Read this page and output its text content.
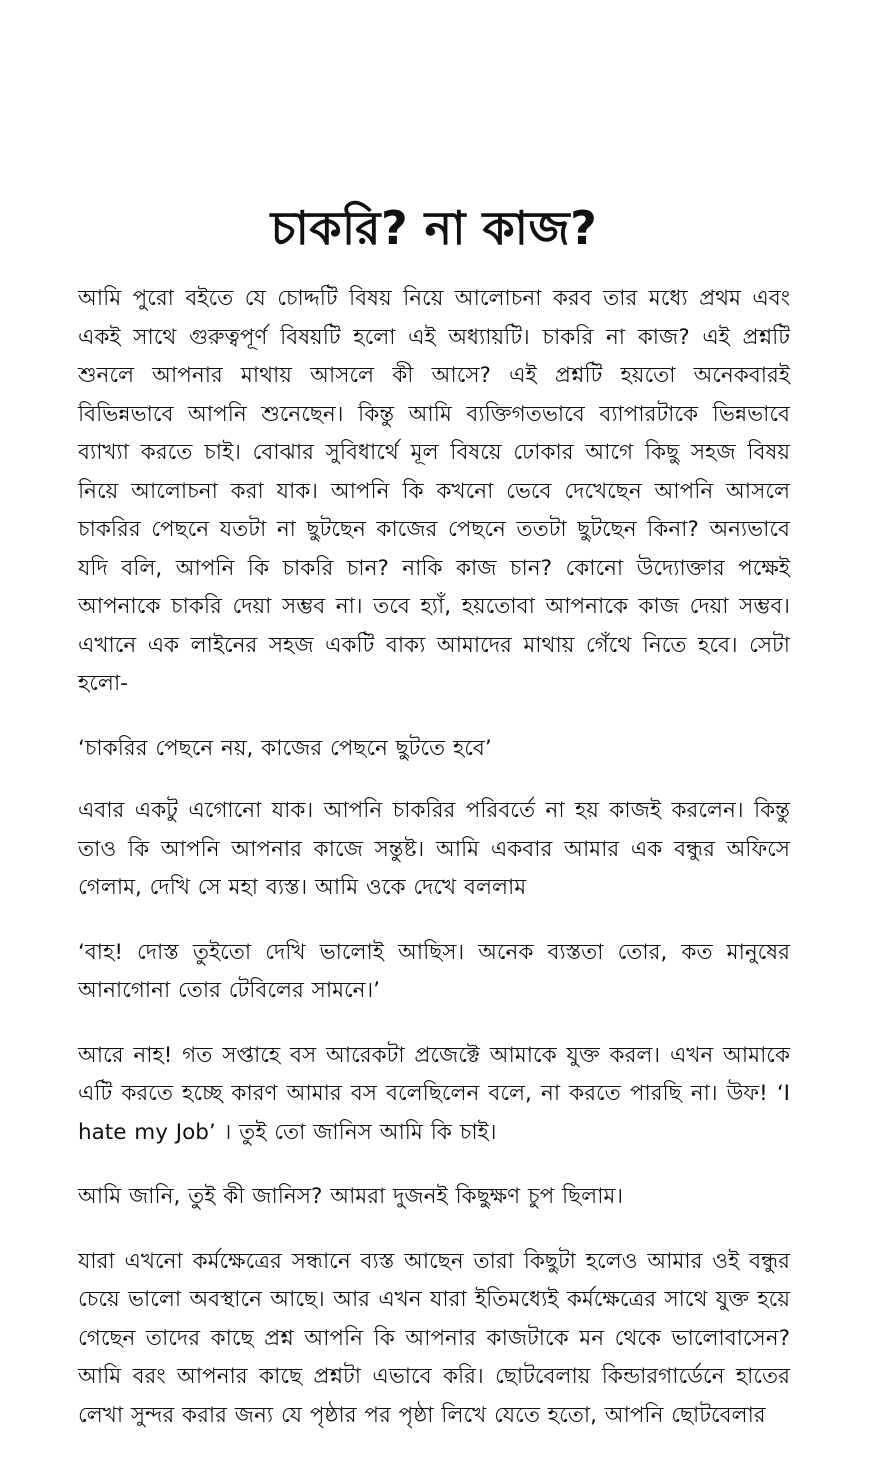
চাকরি? না কাজ?

আমি পুরো বইতে যে চোদ্দটি বিষয় নিয়ে আলোচনা করব তার মধ্যে প্রথম এবং একই সাথে গুরুত্বপূর্ণ বিষয়টি হলো এই অধ্যায়টি। চাকরি না কাজ? এই প্রশ্নটি শুনলে আপনার মাথায় আসলে কী আসে? এই প্রশ্নটি হয়তো অনেকবারই বিভিন্নভাবে আপনি শুনেছেন। কিন্তু আমি ব্যক্তিগতভাবে ব্যাপারটাকে ভিন্নভাবে ব্যাখ্যা করতে চাই। বোঝার সুবিধার্থে মূল বিষয়ে ঢোকার আগে কিছু সহজ বিষয় নিয়ে আলোচনা করা যাক। আপনি কি কখনো ভেবে দেখেছেন আপনি আসলে চাকরির পেছনে যতটা না ছুটছেন কাজের পেছনে ততটা ছুটছেন কিনা? অন্যভাবে যদি বলি, আপনি কি চাকরি চান? নাকি কাজ চান? কোনো উদ্যোক্তার পক্ষেই আপনাকে চাকরি দেয়া সম্ভব না। তবে হ্যাঁ, হয়তোবা আপনাকে কাজ দেয়া সম্ভব। এখানে এক লাইনের সহজ একটি বাক্য আমাদের মাথায় গেঁথে নিতে হবে। সেটা হলো-

‘চাকরির পেছনে নয়, কাজের পেছনে ছুটতে হবে’

এবার একটু এগোনো যাক। আপনি চাকরির পরিবর্তে না হয় কাজই করলেন। কিন্তু তাও কি আপনি আপনার কাজে সন্তুষ্ট। আমি একবার আমার এক বন্ধুর অফিসে গেলাম, দেখি সে মহা ব্যস্ত। আমি ওকে দেখে বললাম

‘বাহ! দোস্ত তুইতো দেখি ভালোই আছিস। অনেক ব্যস্ততা তোর, কত মানুষের আনাগোনা তোর টেবিলের সামনে।’

আরে নাহ! গত সপ্তাহে বস আরেকটা প্রজেক্টে আমাকে যুক্ত করল। এখন আমাকে এটি করতে হচ্ছে কারণ আমার বস বলেছিলেন বলে, না করতে পারছি না। উফ! ‘I hate my Job’ । তুই তো জানিস আমি কি চাই।

আমি জানি, তুই কী জানিস? আমরা দুজনই কিছুক্ষণ চুপ ছিলাম।

যারা এখনো কর্মক্ষেত্রের সন্ধানে ব্যস্ত আছেন তারা কিছুটা হলেও আমার ওই বন্ধুর চেয়ে ভালো অবস্থানে আছে। আর এখন যারা ইতিমধ্যেই কর্মক্ষেত্রের সাথে যুক্ত হয়ে গেছেন তাদের কাছে প্রশ্ন আপনি কি আপনার কাজটাকে মন থেকে ভালোবাসেন? আমি বরং আপনার কাছে প্রশ্নটা এভাবে করি। ছোটবেলায় কিন্ডারগার্ডেনে হাতের লেখা সুন্দর করার জন্য যে পৃষ্ঠার পর পৃষ্ঠা লিখে যেতে হতো, আপনি ছোটবেলার
